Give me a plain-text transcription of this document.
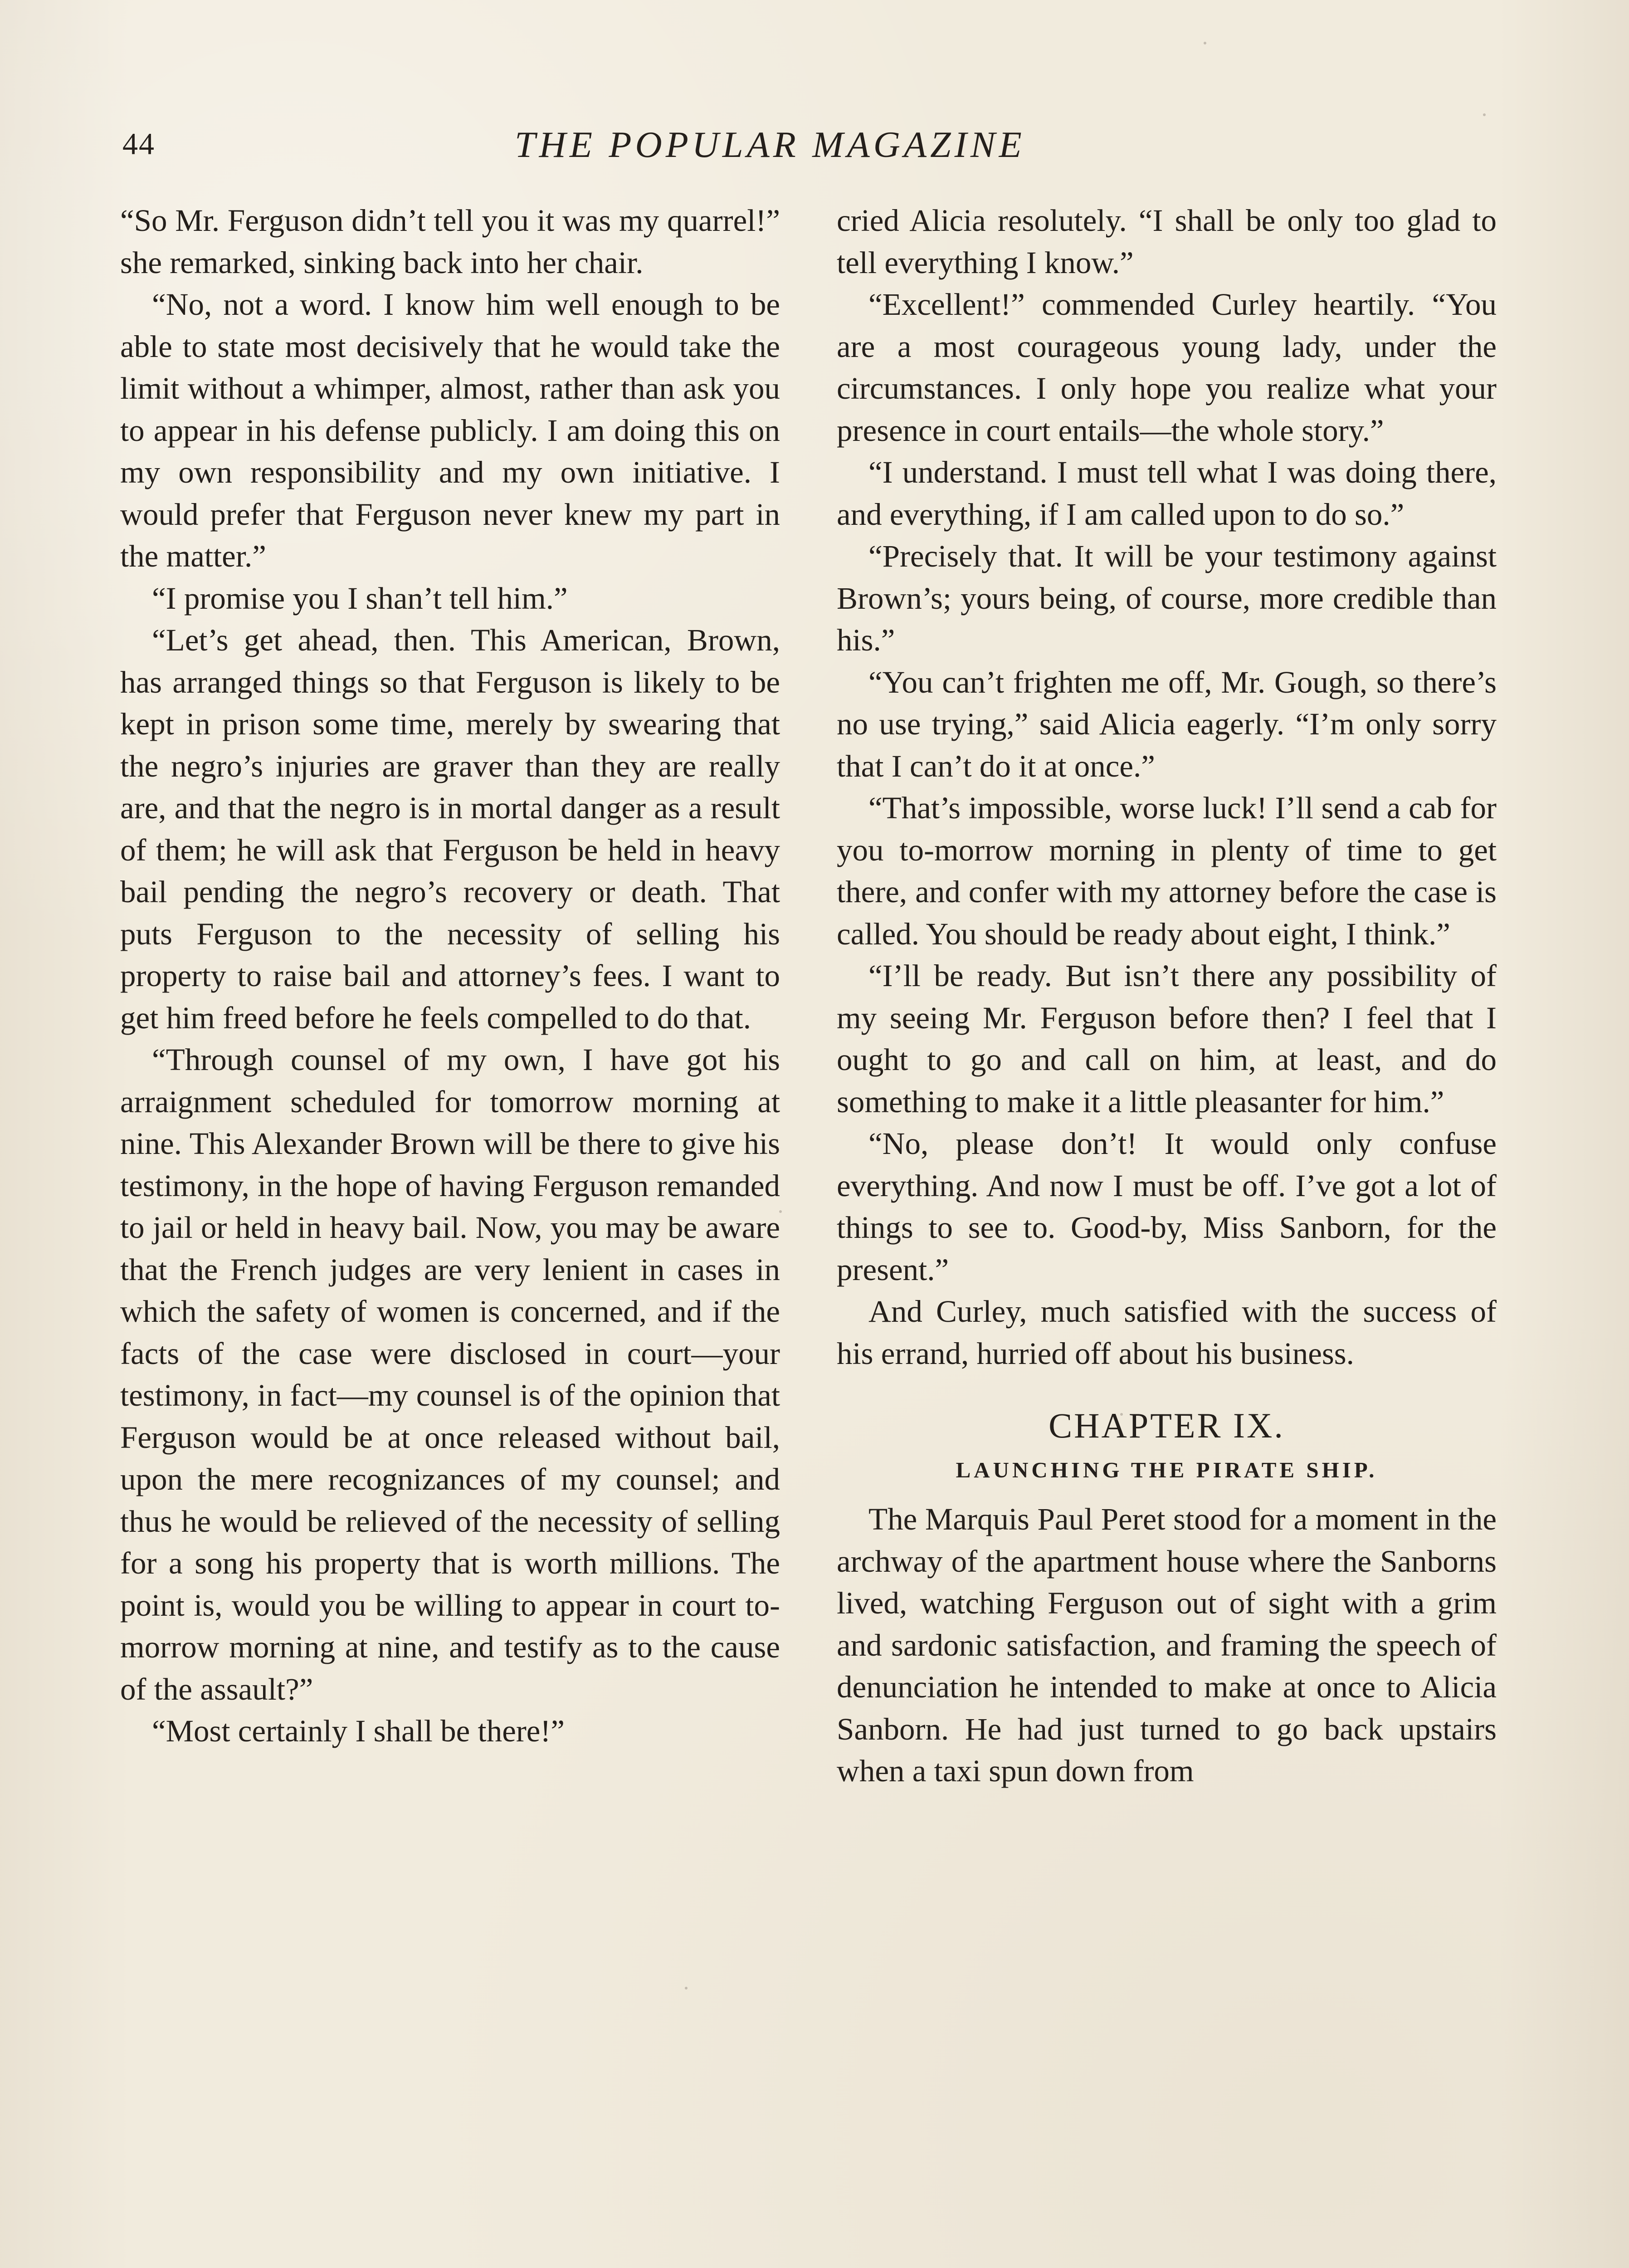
44	THE POPULAR MAGAZINE

“So Mr. Ferguson didn’t tell you it was my quarrel!” she remarked, sinking back into her chair.

“No, not a word. I know him well enough to be able to state most decisively that he would take the limit without a whimper, almost, rather than ask you to appear in his defense publicly. I am doing this on my own responsibility and my own initiative. I would prefer that Ferguson never knew my part in the matter.”

“I promise you I shan’t tell him.”

“Let’s get ahead, then. This American, Brown, has arranged things so that Ferguson is likely to be kept in prison some time, merely by swearing that the negro’s injuries are graver than they are really are, and that the negro is in mortal danger as a result of them; he will ask that Ferguson be held in heavy bail pending the negro’s recovery or death. That puts Ferguson to the necessity of selling his property to raise bail and attorney’s fees. I want to get him freed before he feels compelled to do that.

“Through counsel of my own, I have got his arraignment scheduled for tomorrow morning at nine. This Alexander Brown will be there to give his testimony, in the hope of having Ferguson remanded to jail or held in heavy bail. Now, you may be aware that the French judges are very lenient in cases in which the safety of women is concerned, and if the facts of the case were disclosed in court—your testimony, in fact—my counsel is of the opinion that Ferguson would be at once released without bail, upon the mere recognizances of my counsel; and thus he would be relieved of the necessity of selling for a song his property that is worth millions. The point is, would you be willing to appear in court to-morrow morning at nine, and testify as to the cause of the assault?”

“Most certainly I shall be there!”

cried Alicia resolutely. “I shall be only too glad to tell everything I know.”

“Excellent!” commended Curley heartily. “You are a most courageous young lady, under the circumstances. I only hope you realize what your presence in court entails—the whole story.”

“I understand. I must tell what I was doing there, and everything, if I am called upon to do so.”

“Precisely that. It will be your testimony against Brown’s; yours being, of course, more credible than his.”

“You can’t frighten me off, Mr. Gough, so there’s no use trying,” said Alicia eagerly. “I’m only sorry that I can’t do it at once.”

“That’s impossible, worse luck! I’ll send a cab for you to-morrow morning in plenty of time to get there, and confer with my attorney before the case is called. You should be ready about eight, I think.”

“I’ll be ready. But isn’t there any possibility of my seeing Mr. Ferguson before then? I feel that I ought to go and call on him, at least, and do something to make it a little pleasanter for him.”

“No, please don’t! It would only confuse everything. And now I must be off. I’ve got a lot of things to see to. Good-by, Miss Sanborn, for the present.”

And Curley, much satisfied with the success of his errand, hurried off about his business.

CHAPTER IX.
LAUNCHING THE PIRATE SHIP.

The Marquis Paul Peret stood for a moment in the archway of the apartment house where the Sanborns lived, watching Ferguson out of sight with a grim and sardonic satisfaction, and framing the speech of denunciation he intended to make at once to Alicia Sanborn. He had just turned to go back upstairs when a taxi spun down from
